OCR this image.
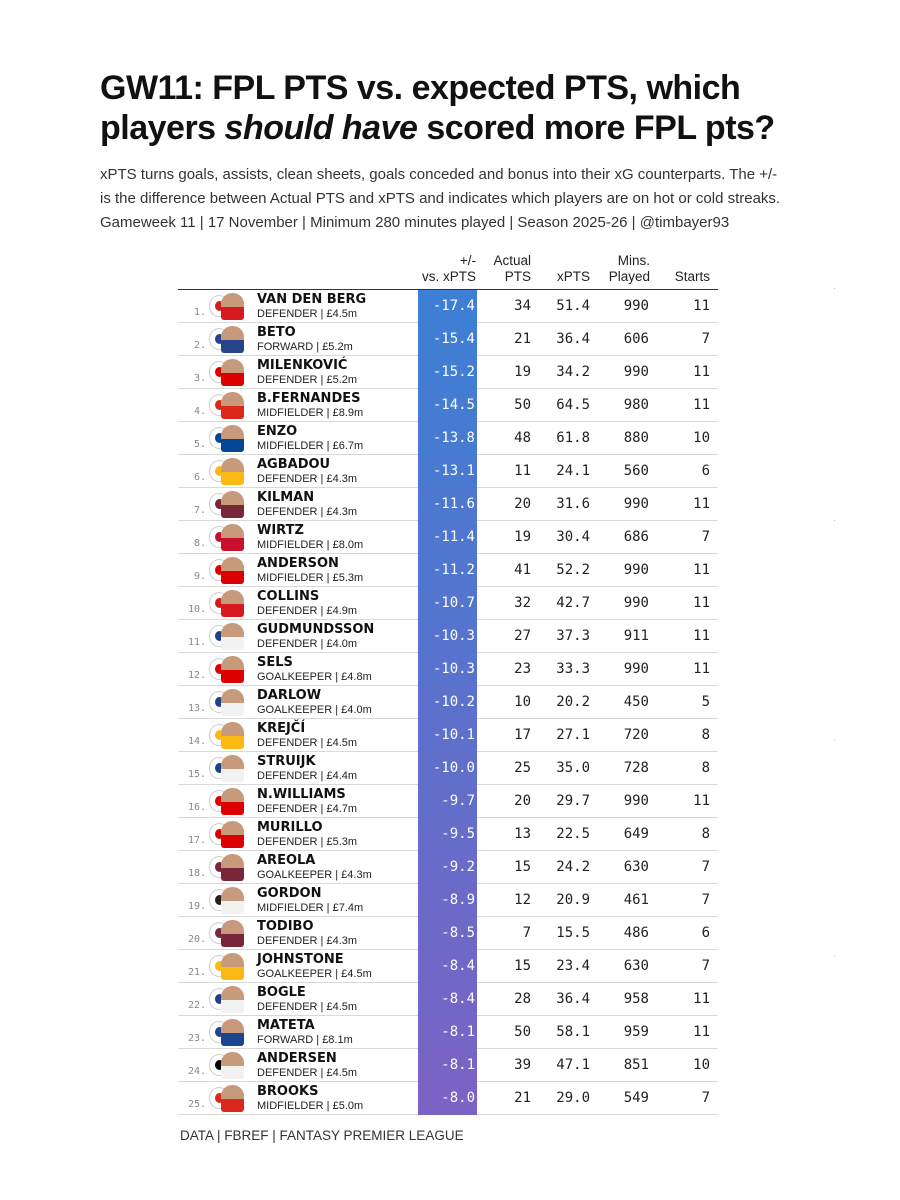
GW11: FPL PTS vs. expected PTS, which
players should have scored more FPL pts?
xPTS turns goals, assists, clean sheets, goals conceded and bonus into their xG counterparts. The +/-
is the difference between Actual PTS and xPTS and indicates which players are on hot or cold streaks.
Gameweek 11 | 17 November | Minimum 280 minutes played | Season 2025-26 | @timbayer93
+/-
vs. xPTS
Actual
PTS	xPTS
Mins.
Played	Starts
1.
VAN DEN BERG
DEFENDER | £4.5m	-17.4	34	51.4	990	11
2.
BETO
FORWARD | £5.2m	-15.4	21	36.4	606	7
3.
MILENKOVIĆ
DEFENDER | £5.2m	-15.2	19	34.2	990	11
4.
B.FERNANDES
MIDFIELDER | £8.9m	-14.5	50	64.5	980	11
5.
ENZO
MIDFIELDER | £6.7m	-13.8	48	61.8	880	10
6.
AGBADOU
DEFENDER | £4.3m	-13.1	11	24.1	560	6
7.
KILMAN
DEFENDER | £4.3m	-11.6	20	31.6	990	11
8.
WIRTZ
MIDFIELDER | £8.0m	-11.4	19	30.4	686	7
9.
ANDERSON
MIDFIELDER | £5.3m	-11.2	41	52.2	990	11
10.
COLLINS
DEFENDER | £4.9m	-10.7	32	42.7	990	11
11.
GUDMUNDSSON
DEFENDER | £4.0m	-10.3	27	37.3	911	11
12.
SELS
GOALKEEPER | £4.8m	-10.3	23	33.3	990	11
13.
DARLOW
GOALKEEPER | £4.0m	-10.2	10	20.2	450	5
14.
KREJČÍ
DEFENDER | £4.5m	-10.1	17	27.1	720	8
15.
STRUIJK
DEFENDER | £4.4m	-10.0	25	35.0	728	8
16.
N.WILLIAMS
DEFENDER | £4.7m	-9.7	20	29.7	990	11
17.
MURILLO
DEFENDER | £5.3m	-9.5	13	22.5	649	8
18.
AREOLA
GOALKEEPER | £4.3m	-9.2	15	24.2	630	7
19.
GORDON
MIDFIELDER | £7.4m	-8.9	12	20.9	461	7
20.
TODIBO
DEFENDER | £4.3m	-8.5	7	15.5	486	6
21.
JOHNSTONE
GOALKEEPER | £4.5m	-8.4	15	23.4	630	7
22.
BOGLE
DEFENDER | £4.5m	-8.4	28	36.4	958	11
23.
MATETA
FORWARD | £8.1m	-8.1	50	58.1	959	11
24.
ANDERSEN
DEFENDER | £4.5m	-8.1	39	47.1	851	10
25.
BROOKS
MIDFIELDER | £5.0m	-8.0	21	29.0	549	7
DATA | FBREF | FANTASY PREMIER LEAGUE
